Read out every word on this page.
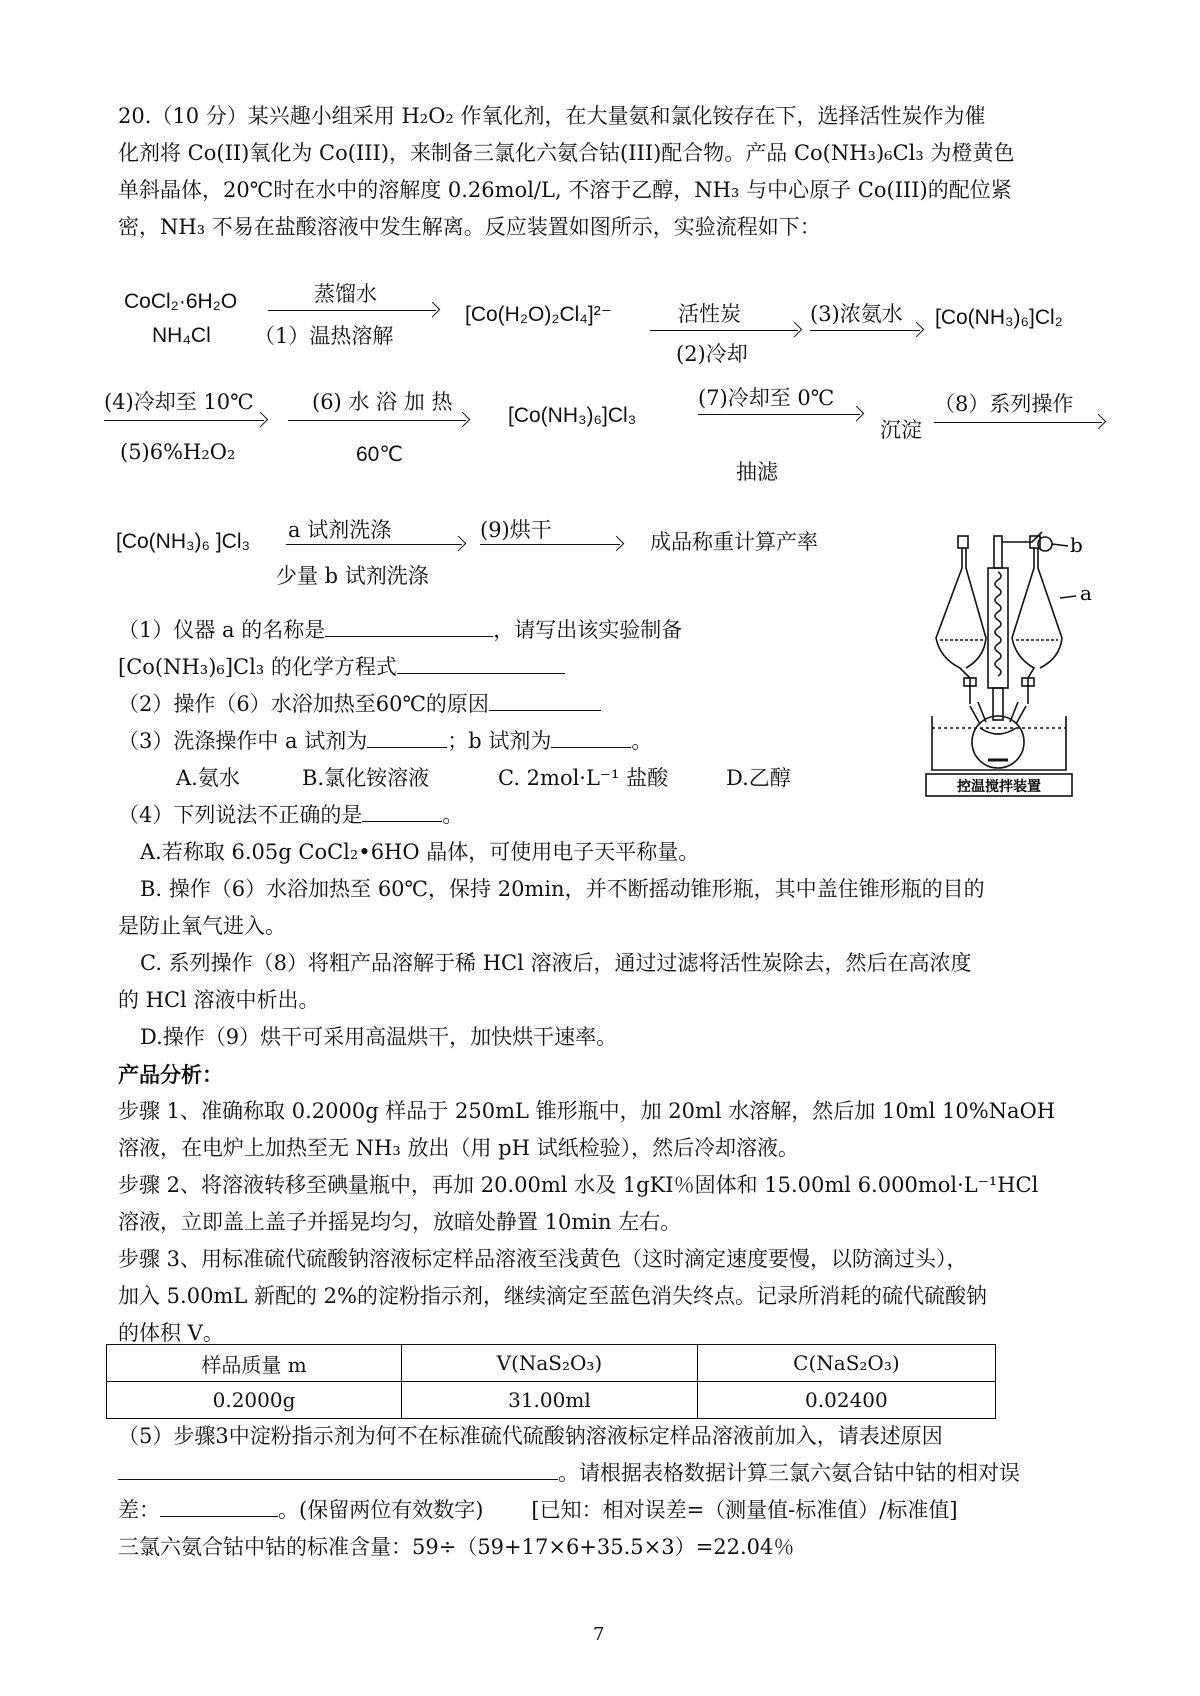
20.（10 分）某兴趣小组采用 H₂O₂ 作氧化剂，在大量氨和氯化铵存在下，选择活性炭作为催
化剂将 Co(II)氧化为 Co(III)，来制备三氯化六氨合钴(III)配合物。产品 Co(NH₃)₆Cl₃ 为橙黄色
单斜晶体，20℃时在水中的溶解度 0.26mol/L, 不溶于乙醇，NH₃ 与中心原子 Co(III)的配位紧
密，NH₃ 不易在盐酸溶液中发生解离。反应装置如图所示，实验流程如下：
CoCl₂·6H₂O
NH₄Cl
蒸馏水
（1）温热溶解
[Co(H₂O)₂Cl₄]²⁻	活性炭
(2)冷却
(3)浓氨水 [Co(NH₃)₆]Cl₂
(4)冷却至 10℃
(5)6%H₂O₂
(6) 水 浴 加 热
60℃
[Co(NH₃)₆]Cl₃
(7)冷却至 0℃
抽滤
沉淀
（8）系列操作
[Co(NH₃)₆ ]Cl₃ a 试剂洗涤
少量 b 试剂洗涤
(9)烘干	成品称重计算产率
a
b
控温搅拌装置
（1）仪器 a 的名称是	，请写出该实验制备
[Co(NH₃)₆]Cl₃ 的化学方程式
（2）操作（6）水浴加热至60℃的原因
（3）洗涤操作中 a 试剂为	；b 试剂为	。
A.氨水	B.氯化铵溶液	C. 2mol·L⁻¹ 盐酸	D.乙醇
（4）下列说法不正确的是	。
A.若称取 6.05g CoCl₂•6HO 晶体，可使用电子天平称量。
B. 操作（6）水浴加热至 60℃，保持 20min，并不断摇动锥形瓶，其中盖住锥形瓶的目的
是防止氧气进入。
C. 系列操作（8）将粗产品溶解于稀 HCl 溶液后，通过过滤将活性炭除去，然后在高浓度
的 HCl 溶液中析出。
D.操作（9）烘干可采用高温烘干，加快烘干速率。
产品分析：
步骤 1、准确称取 0.2000g 样品于 250mL 锥形瓶中，加 20ml 水溶解，然后加 10ml 10%NaOH
溶液，在电炉上加热至无 NH₃ 放出（用 pH 试纸检验），然后冷却溶液。
步骤 2、将溶液转移至碘量瓶中，再加 20.00ml 水及 1gKI％固体和 15.00ml 6.000mol·L⁻¹HCl
溶液，立即盖上盖子并摇晃均匀，放暗处静置 10min 左右。
步骤 3、用标准硫代硫酸钠溶液标定样品溶液至浅黄色（这时滴定速度要慢，以防滴过头），
加入 5.00mL 新配的 2%的淀粉指示剂，继续滴定至蓝色消失终点。记录所消耗的硫代硫酸钠
的体积 V。
样品质量 m	V(NaS₂O₃)	C(NaS₂O₃)
0.2000g	31.00ml	0.02400
（5）步骤3中淀粉指示剂为何不在标准硫代硫酸钠溶液标定样品溶液前加入，请表述原因
。请根据表格数据计算三氯六氨合钴中钴的相对误
差：	。(保留两位有效数字) [已知：相对误差=（测量值-标准值）/标准值]
三氯六氨合钴中钴的标准含量：59÷（59+17×6+35.5×3）=22.04％
7
